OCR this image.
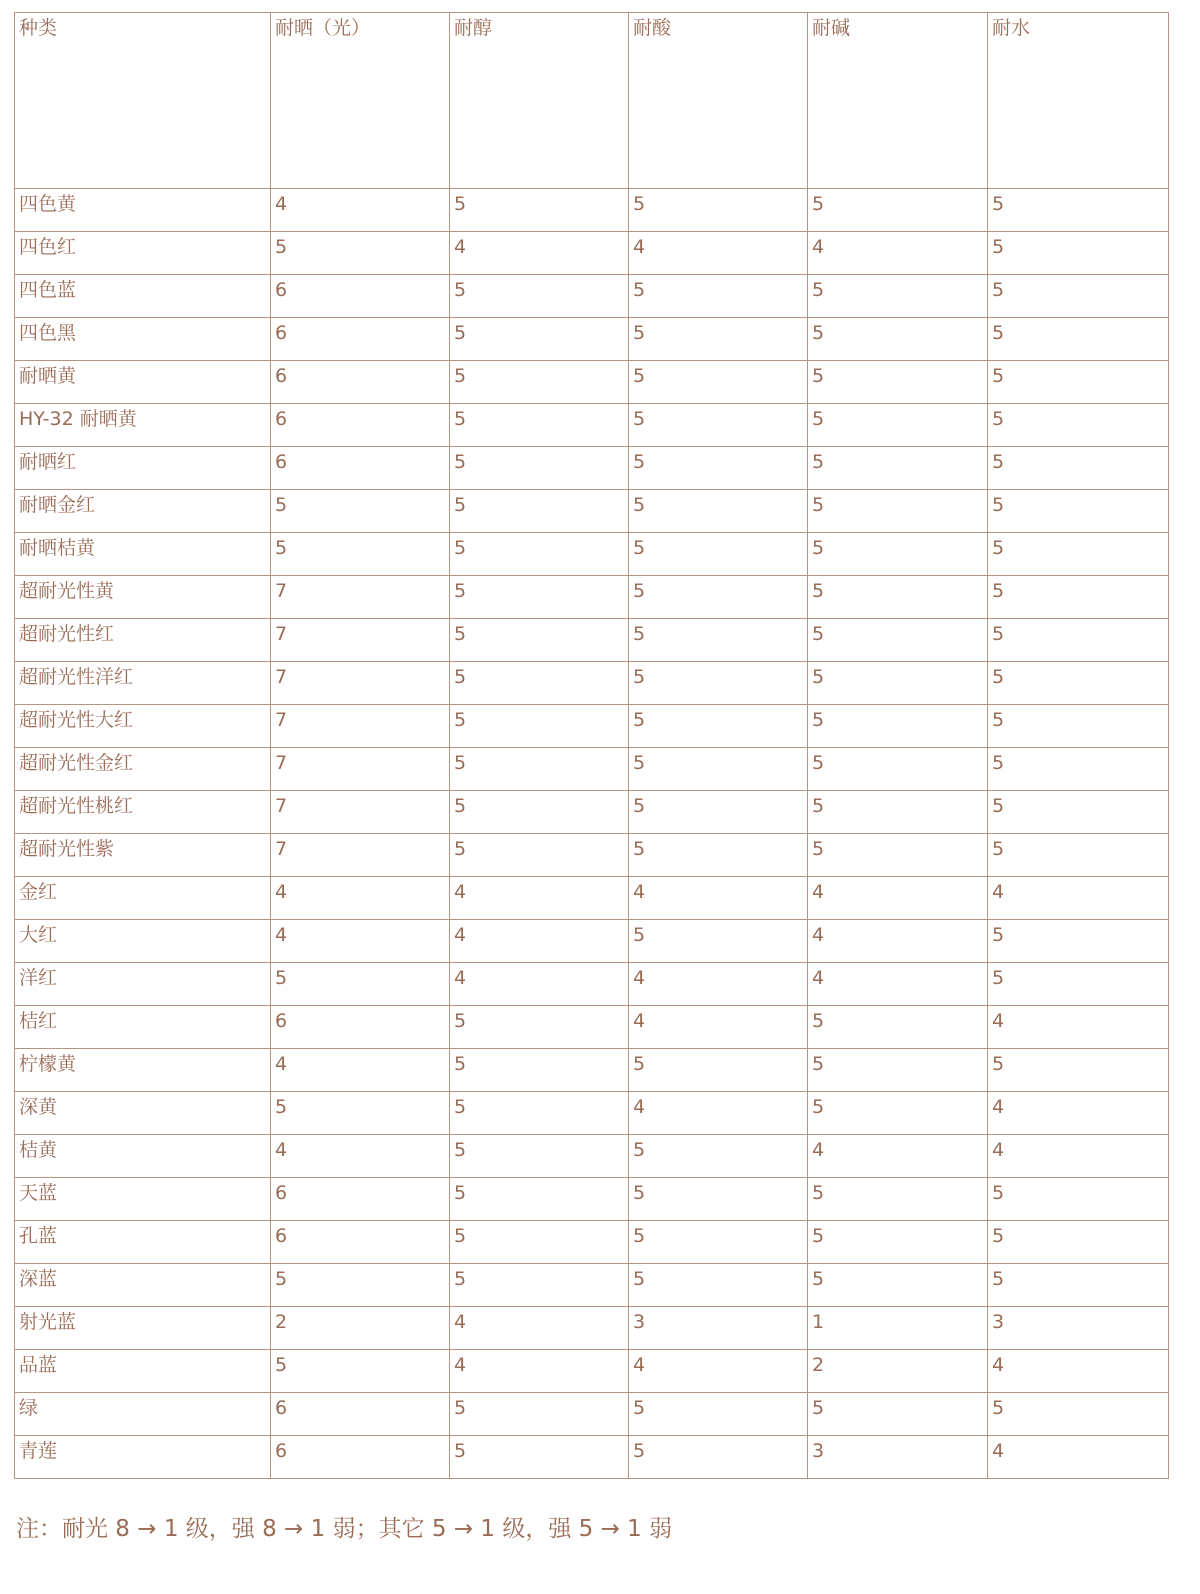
种类	耐晒（光）	耐醇	耐酸	耐碱	耐水
四色黄	4	5	5	5	5
四色红	5	4	4	4	5
四色蓝	6	5	5	5	5
四色黑	6	5	5	5	5
耐晒黄	6	5	5	5	5
HY-32 耐晒黄	6	5	5	5	5
耐晒红	6	5	5	5	5
耐晒金红	5	5	5	5	5
耐晒桔黄	5	5	5	5	5
超耐光性黄	7	5	5	5	5
超耐光性红	7	5	5	5	5
超耐光性洋红	7	5	5	5	5
超耐光性大红	7	5	5	5	5
超耐光性金红	7	5	5	5	5
超耐光性桃红	7	5	5	5	5
超耐光性紫	7	5	5	5	5
金红	4	4	4	4	4
大红	4	4	5	4	5
洋红	5	4	4	4	5
桔红	6	5	4	5	4
柠檬黄	4	5	5	5	5
深黄	5	5	4	5	4
桔黄	4	5	5	4	4
天蓝	6	5	5	5	5
孔蓝	6	5	5	5	5
深蓝	5	5	5	5	5
射光蓝	2	4	3	1	3
品蓝	5	4	4	2	4
绿	6	5	5	5	5
青莲	6	5	5	3	4
注：耐光 8 → 1 级，强 8 → 1 弱；其它 5 → 1 级，强 5 → 1 弱
